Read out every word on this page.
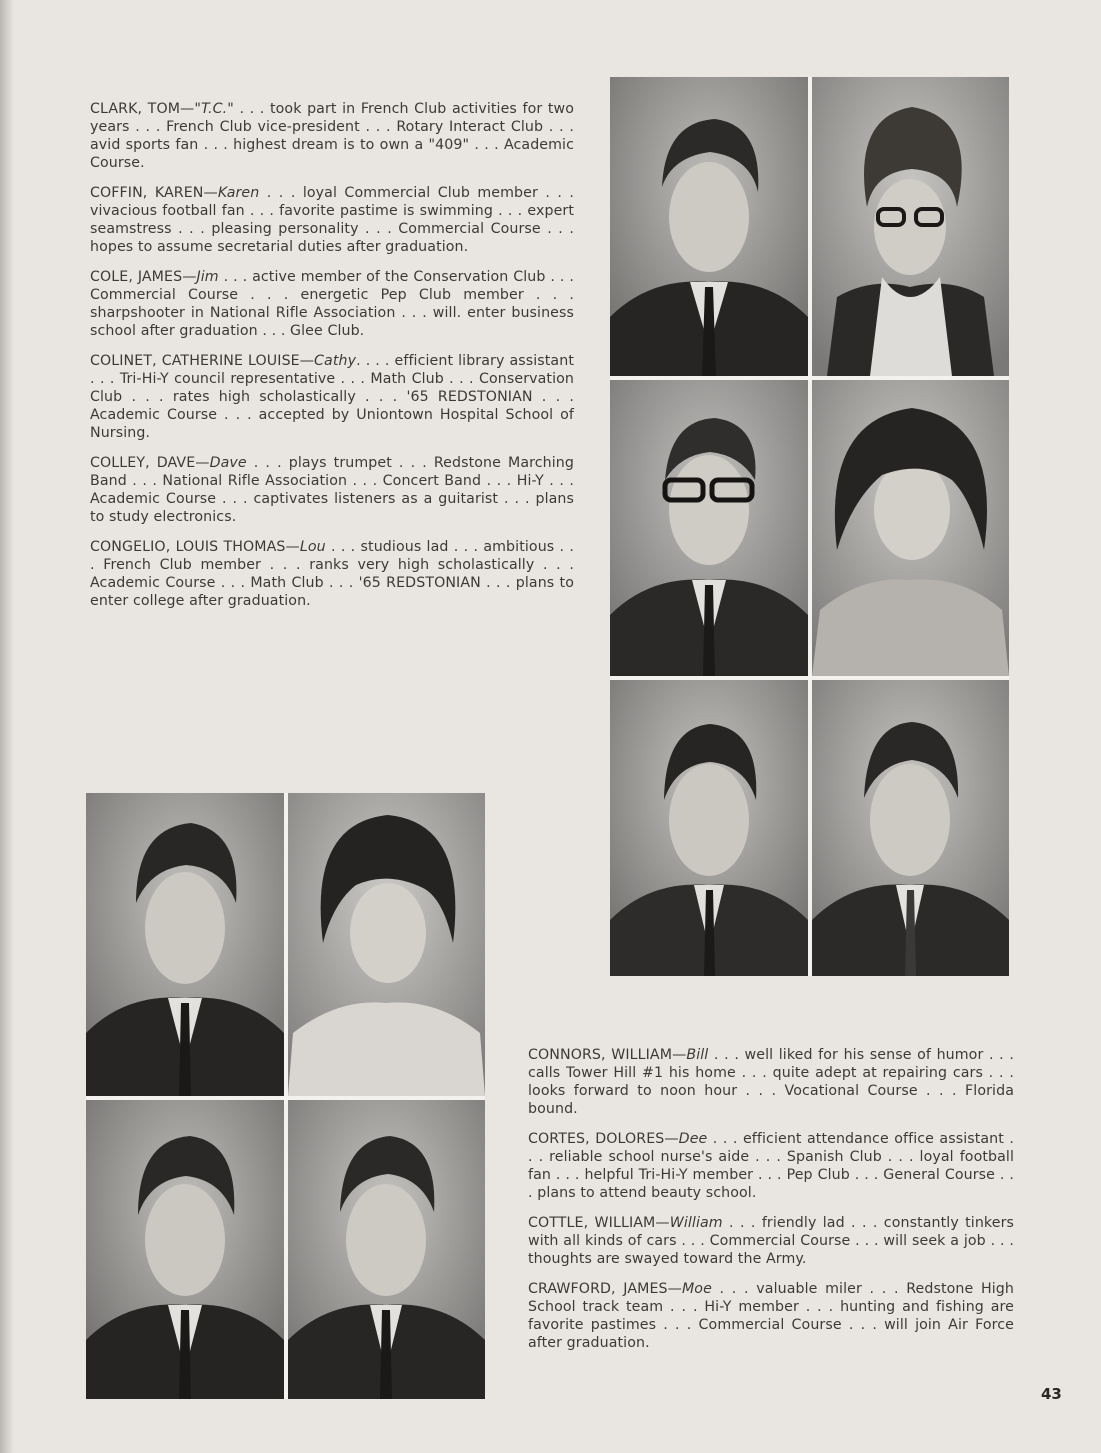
CLARK, TOM—"T.C." . . . took part in French Club activities for two years . . . French Club vice-president . . . Rotary Interact Club . . . avid sports fan . . . highest dream is to own a "409" . . . Academic Course.

COFFIN, KAREN—Karen . . . loyal Commercial Club member . . . vivacious football fan . . . favorite pastime is swimming . . . expert seamstress . . . pleasing personality . . . Commercial Course . . . hopes to assume secretarial duties after graduation.

COLE, JAMES—Jim . . . active member of the Conservation Club . . . Commercial Course . . . energetic Pep Club member . . . sharpshooter in National Rifle Association . . . will. enter business school after graduation . . . Glee Club.

COLINET, CATHERINE LOUISE—Cathy. . . . efficient library assistant . . . Tri-Hi-Y council representative . . . Math Club . . . Conservation Club . . . rates high scholastically . . . '65 REDSTONIAN . . . Academic Course . . . accepted by Uniontown Hospital School of Nursing.

COLLEY, DAVE—Dave . . . plays trumpet . . . Redstone Marching Band . . . National Rifle Association . . . Concert Band . . . Hi-Y . . . Academic Course . . . captivates listeners as a guitarist . . . plans to study electronics.

CONGELIO, LOUIS THOMAS—Lou . . . studious lad . . . ambitious . . . French Club member . . . ranks very high scholastically . . . Academic Course . . . Math Club . . . '65 REDSTONIAN . . . plans to enter college after graduation.

CONNORS, WILLIAM—Bill . . . well liked for his sense of humor . . . calls Tower Hill #1 his home . . . quite adept at repairing cars . . . looks forward to noon hour . . . Vocational Course . . . Florida bound.

CORTES, DOLORES—Dee . . . efficient attendance office assistant . . . reliable school nurse's aide . . . Spanish Club . . . loyal football fan . . . helpful Tri-Hi-Y member . . . Pep Club . . . General Course . . . plans to attend beauty school.

COTTLE, WILLIAM—William . . . friendly lad . . . constantly tinkers with all kinds of cars . . . Commercial Course . . . will seek a job . . . thoughts are swayed toward the Army.

CRAWFORD, JAMES—Moe . . . valuable miler . . . Redstone High School track team . . . Hi-Y member . . . hunting and fishing are favorite pastimes . . . Commercial Course . . . will join Air Force after graduation.

43
